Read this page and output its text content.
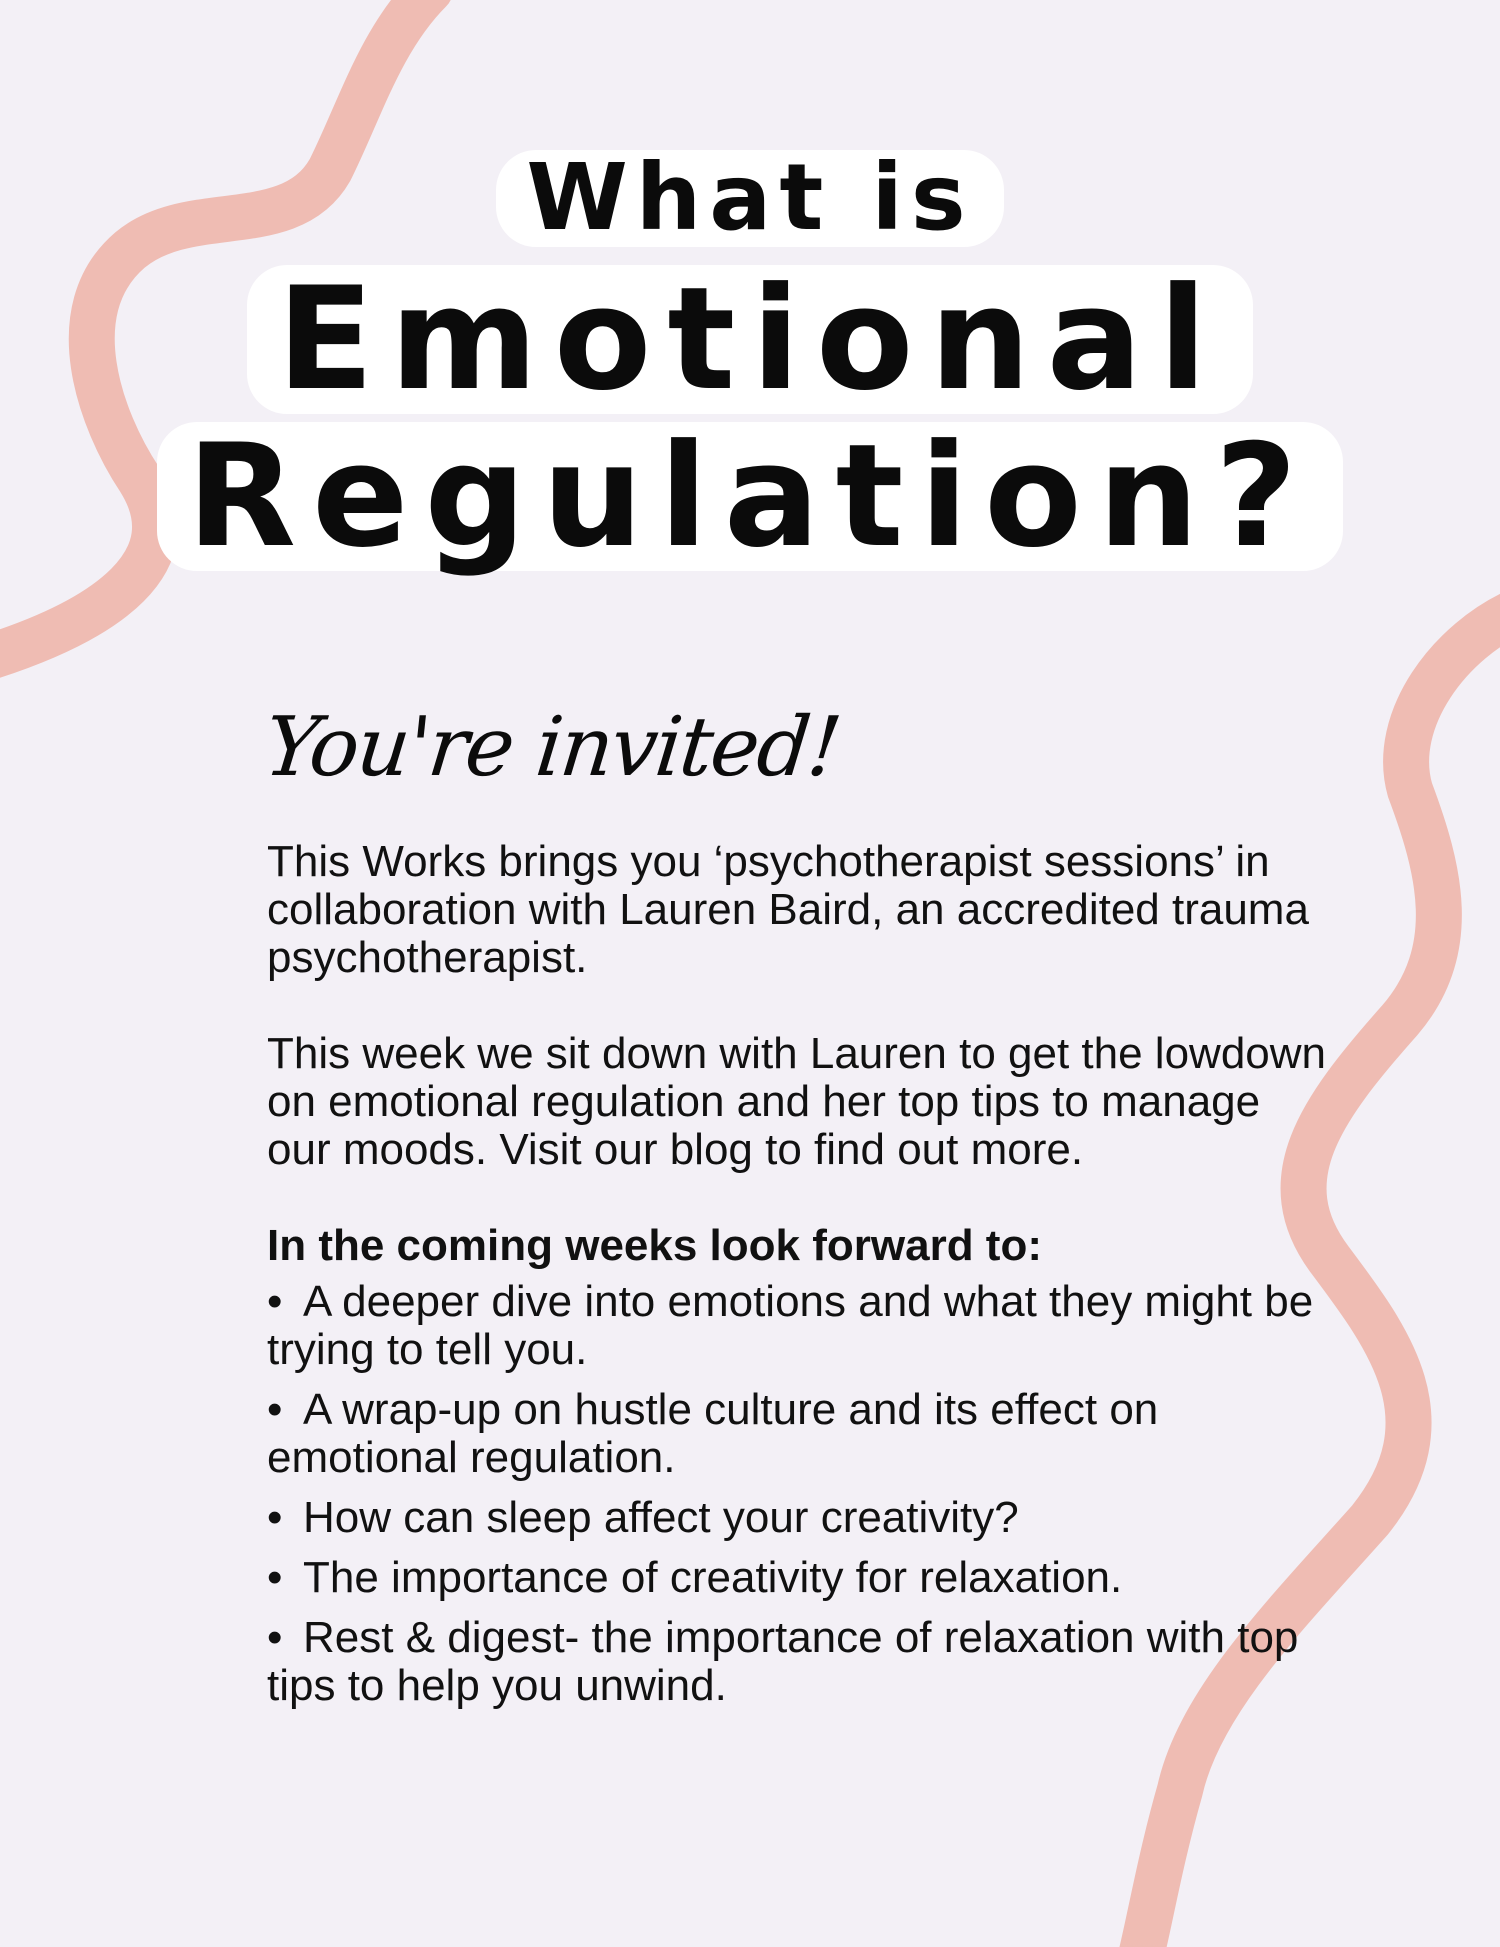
What is
Emotional
Regulation?
You're invited!

This Works brings you ‘psychotherapist sessions’ in collaboration with Lauren Baird, an accredited trauma psychotherapist.

This week we sit down with Lauren to get the lowdown on emotional regulation and her top tips to manage our moods. Visit our blog to find out more.

In the coming weeks look forward to:
• A deeper dive into emotions and what they might be trying to tell you.
• A wrap-up on hustle culture and its effect on emotional regulation.
• How can sleep affect your creativity?
• The importance of creativity for relaxation.
• Rest & digest- the importance of relaxation with top tips to help you unwind.
